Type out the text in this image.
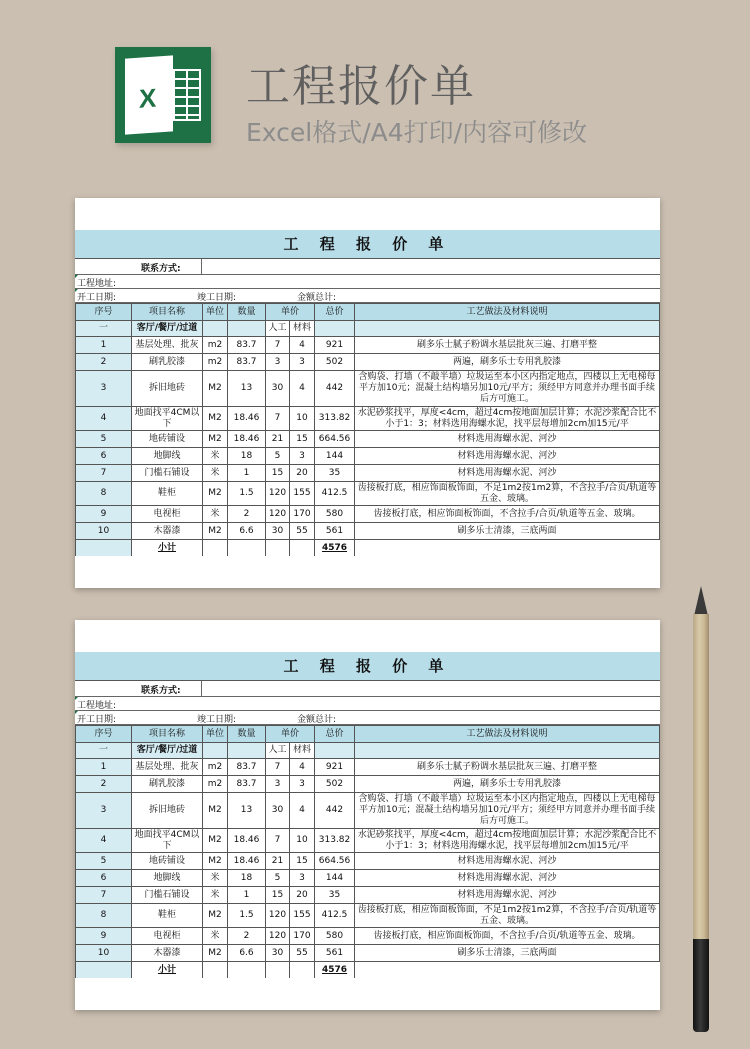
X 工程报价单
Excel格式/A4打印/内容可修改
工 程 报 价 单
联系方式:
工程地址:
开工日期:	竣工日期:	金额总计:
序号	项目名称	单位	数量	单价		总价	工艺做法及材料说明
一	客厅/餐厅/过道			人工	材料		
1	基层处理、批灰	m2	83.7	7	4	921	刷多乐士腻子粉调水基层批灰三遍、打磨平整
2	刷乳胶漆	m2	83.7	3	3	502	两遍，刷多乐士专用乳胶漆
3	拆旧地砖	M2	13	30	4	442	含购袋、打墙（不敲半墙）垃圾运至本小区内指定地点，四楼以上无电梯每平方加10元；混凝土结构墙另加10元/平方；须经甲方同意并办理书面手续后方可施工。
4	地面找平4CM以下	M2	18.46	7	10	313.82	水泥砂浆找平，厚度<4cm，超过4cm按地面加层计算；水泥沙浆配合比不小于1：3；材料选用海螺水泥，找平层每增加2cm加15元/平
5	地砖铺设	M2	18.46	21	15	664.56	材料选用海螺水泥、河沙
6	地脚线	米	18	5	3	144	材料选用海螺水泥、河沙
7	门槛石铺设	米	1	15	20	35	材料选用海螺水泥、河沙
8	鞋柜	M2	1.5	120	155	412.5	齿接板打底，相应饰面板饰面，不足1m2按1m2算，不含拉手/合页/轨道等五金、玻璃。
9	电视柜	米	2	120	170	580	齿接板打底，相应饰面板饰面，不含拉手/合页/轨道等五金、玻璃。
10	木器漆	M2	6.6	30	55	561	刷多乐士清漆，三底两面
	小计					4576	
工 程 报 价 单
联系方式:
工程地址:
开工日期:	竣工日期:	金额总计:
序号	项目名称	单位	数量	单价		总价	工艺做法及材料说明
一	客厅/餐厅/过道			人工	材料		
1	基层处理、批灰	m2	83.7	7	4	921	刷多乐士腻子粉调水基层批灰三遍、打磨平整
2	刷乳胶漆	m2	83.7	3	3	502	两遍，刷多乐士专用乳胶漆
3	拆旧地砖	M2	13	30	4	442	含购袋、打墙（不敲半墙）垃圾运至本小区内指定地点，四楼以上无电梯每平方加10元；混凝土结构墙另加10元/平方；须经甲方同意并办理书面手续后方可施工。
4	地面找平4CM以下	M2	18.46	7	10	313.82	水泥砂浆找平，厚度<4cm，超过4cm按地面加层计算；水泥沙浆配合比不小于1：3；材料选用海螺水泥，找平层每增加2cm加15元/平
5	地砖铺设	M2	18.46	21	15	664.56	材料选用海螺水泥、河沙
6	地脚线	米	18	5	3	144	材料选用海螺水泥、河沙
7	门槛石铺设	米	1	15	20	35	材料选用海螺水泥、河沙
8	鞋柜	M2	1.5	120	155	412.5	齿接板打底，相应饰面板饰面，不足1m2按1m2算，不含拉手/合页/轨道等五金、玻璃。
9	电视柜	米	2	120	170	580	齿接板打底，相应饰面板饰面，不含拉手/合页/轨道等五金、玻璃。
10	木器漆	M2	6.6	30	55	561	刷多乐士清漆，三底两面
	小计					4576	
